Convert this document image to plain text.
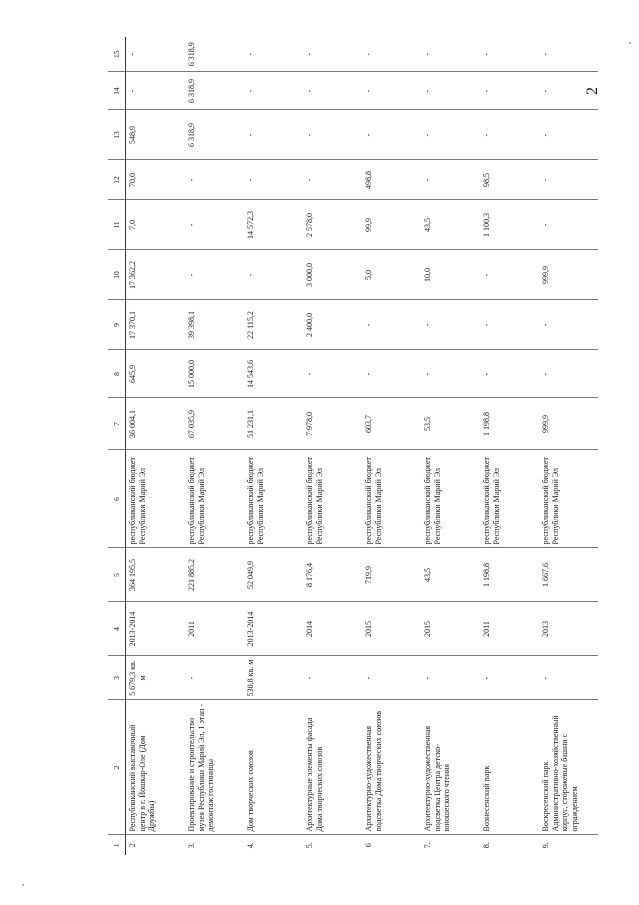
2
1	2	3	4	5	6	7	8	9	10	11	12	13	14	15
2	Республиканский выставочный центр в г. Йошкар-Оле (Дом Дружбы)	5 679,3 кв. м	2013-2014	364 195,5	республиканский бюджет Республики Марий Эл	36 004,1	645,9	17 370,1	17 362,2	7,0	70,0	548,9	-	-
3.	Проектирование и строительство музея Республики Марий Эл, 1 этап - демонтаж гостиницы	-	2011	221 885,2	республиканский бюджет Республики Марий Эл	67 035,9	15 000,0	39 398,1	-	-	-	6 318,9	6 318,9	6 318,9
4.	Дом творческих союзов	530,8 кв. м	2013-2014	52 049,9	республиканский бюджет Республики Марий Эл	51 231,1	14 543,6	22 115,2	-	14 572,3	-	-	-	-
5.	Архитектурные элементы фасада Дома творческих союзов	-	2014	8 176,4	республиканский бюджет Республики Марий Эл	7 978,0	-	2 400,0	3 000,0	2 578,0	-	-	-	-
6	Архитектурно-художественная подсветка Дома творческих союзов	-	2015	719,9	республиканский бюджет Республики Марий Эл	603,7	-	-	5,0	99,9	498,8	-	-	-
7.	Архитектурно-художественная подсветка Центра детско-юношеского чтения	-	2015	43,5	республиканский бюджет Республики Марий Эл	53,5	-	-	10,0	43,5	-	-	-	-
8.	Вознесенский парк	-	2011	1 198,8	республиканский бюджет Республики Марий Эл	1 198,8	-	-	-	1 100,3	98,5	-	-	-
9.	Воскресенский парк Административно-хозяйственный корпус, сторожевые башни с ограждением	-	2013	1 667,6	республиканский бюджет Республики Марий Эл	999,9	-	-	999,9	-	-	-	-	-
